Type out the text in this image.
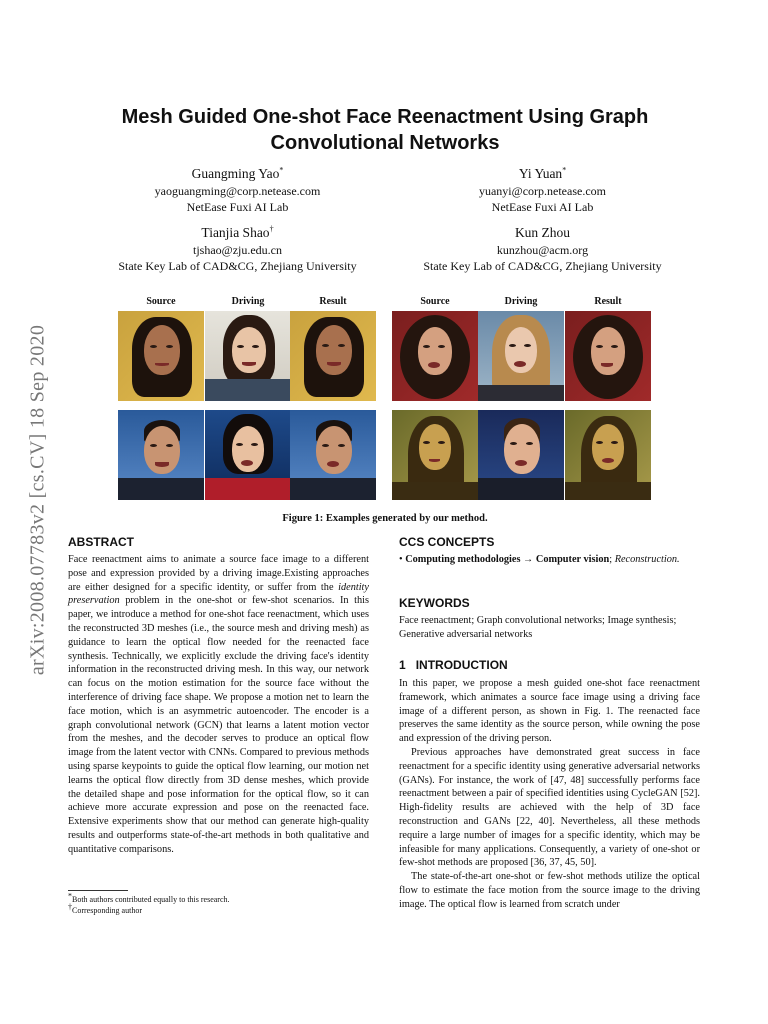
arXiv:2008.07783v2 [cs.CV] 18 Sep 2020
Mesh Guided One-shot Face Reenactment Using Graph Convolutional Networks
Guangming Yao*
yaoguangming@corp.netease.com
NetEase Fuxi AI Lab
Yi Yuan*
yuanyi@corp.netease.com
NetEase Fuxi AI Lab
Tianjia Shao†
tjshao@zju.edu.cn
State Key Lab of CAD&CG, Zhejiang University
Kun Zhou
kunzhou@acm.org
State Key Lab of CAD&CG, Zhejiang University
Source	Driving	Result	Source	Driving	Result
Figure 1: Examples generated by our method.
ABSTRACT

Face reenactment aims to animate a source face image to a different pose and expression provided by a driving image.Existing approaches are either designed for a specific identity, or suffer from the identity preservation problem in the one-shot or few-shot scenarios. In this paper, we introduce a method for one-shot face reenactment, which uses the reconstructed 3D meshes (i.e., the source mesh and driving mesh) as guidance to learn the optical flow needed for the reenacted face synthesis. Technically, we explicitly exclude the driving face's identity information in the reconstructed driving mesh. In this way, our network can focus on the motion estimation for the source face without the interference of driving face shape. We propose a motion net to learn the face motion, which is an asymmetric autoencoder. The encoder is a graph convolutional network (GCN) that learns a latent motion vector from the meshes, and the decoder serves to produce an optical flow image from the latent vector with CNNs. Compared to previous methods using sparse keypoints to guide the optical flow learning, our motion net learns the optical flow directly from 3D dense meshes, which provide the detailed shape and pose information for the optical flow, so it can achieve more accurate expression and pose on the reenacted face. Extensive experiments show that our method can generate high-quality results and outperforms state-of-the-art methods in both qualitative and quantitative comparisons.

*Both authors contributed equally to this research.
†Corresponding author
CCS CONCEPTS

• Computing methodologies → Computer vision; Reconstruction.

KEYWORDS

Face reenactment; Graph convolutional networks; Image synthesis; Generative adversarial networks

1 INTRODUCTION

In this paper, we propose a mesh guided one-shot face reenactment framework, which animates a source face image using a driving face image of a different person, as shown in Fig. 1. The reenacted face preserves the same identity as the source person, while owning the pose and expression of the driving person.

Previous approaches have demonstrated great success in face reenactment for a specific identity using generative adversarial networks (GANs). For instance, the work of [47, 48] successfully performs face reenactment between a pair of specified identities using CycleGAN [52]. High-fidelity results are achieved with the help of 3D face reconstruction and GANs [22, 40]. Nevertheless, all these methods require a large number of images for a specific identity, which may be infeasible for many applications. Consequently, a variety of one-shot or few-shot methods are proposed [36, 37, 45, 50].

The state-of-the-art one-shot or few-shot methods utilize the optical flow to estimate the face motion from the source image to the driving image. The optical flow is learned from scratch under
